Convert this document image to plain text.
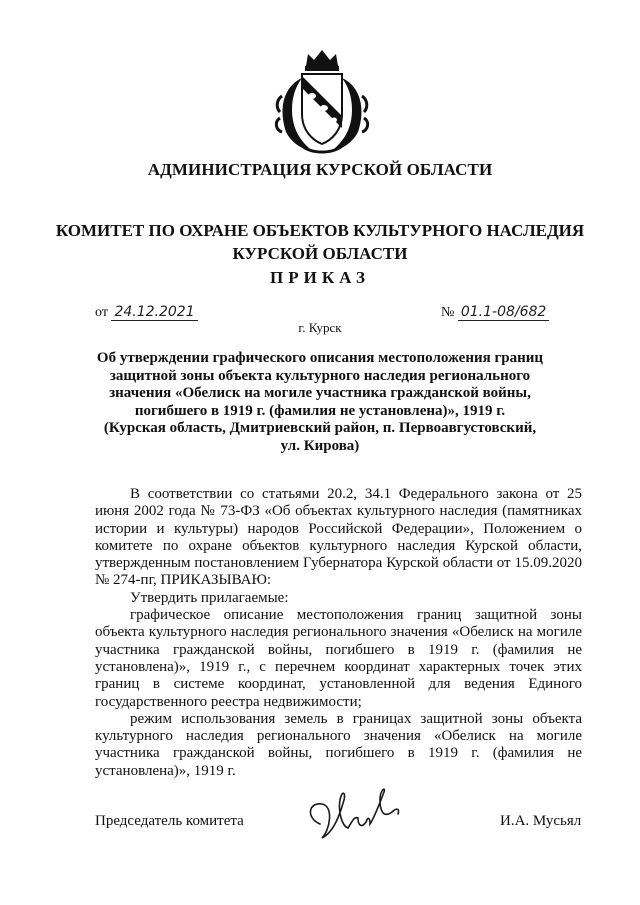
АДМИНИСТРАЦИЯ КУРСКОЙ ОБЛАСТИ
КОМИТЕТ ПО ОХРАНЕ ОБЪЕКТОВ КУЛЬТУРНОГО НАСЛЕДИЯ
КУРСКОЙ ОБЛАСТИ
ПРИКАЗ
от 24.12.2021	№ 01.1-08/682
г. Курск
Об утверждении графического описания местоположения границ
защитной зоны объекта культурного наследия регионального
значения «Обелиск на могиле участника гражданской войны,
погибшего в 1919 г. (фамилия не установлена)», 1919 г.
(Курская область, Дмитриевский район, п. Первоавгустовский,
ул. Кирова)

В соответствии со статьями 20.2, 34.1 Федерального закона от 25 июня 2002 года № 73-ФЗ «Об объектах культурного наследия (памятниках истории и культуры) народов Российской Федерации», Положением о комитете по охране объектов культурного наследия Курской области, утвержденным постановлением Губернатора Курской области от 15.09.2020 № 274-пг, ПРИКАЗЫВАЮ:

Утвердить прилагаемые:

графическое описание местоположения границ защитной зоны объекта культурного наследия регионального значения «Обелиск на могиле участника гражданской войны, погибшего в 1919 г. (фамилия не установлена)», 1919 г., с перечнем координат характерных точек этих границ в системе координат, установленной для ведения Единого государственного реестра недвижимости;

режим использования земель в границах защитной зоны объекта культурного наследия регионального значения «Обелиск на могиле участника гражданской войны, погибшего в 1919 г. (фамилия не установлена)», 1919 г.

Председатель комитета	И.А. Мусьял
